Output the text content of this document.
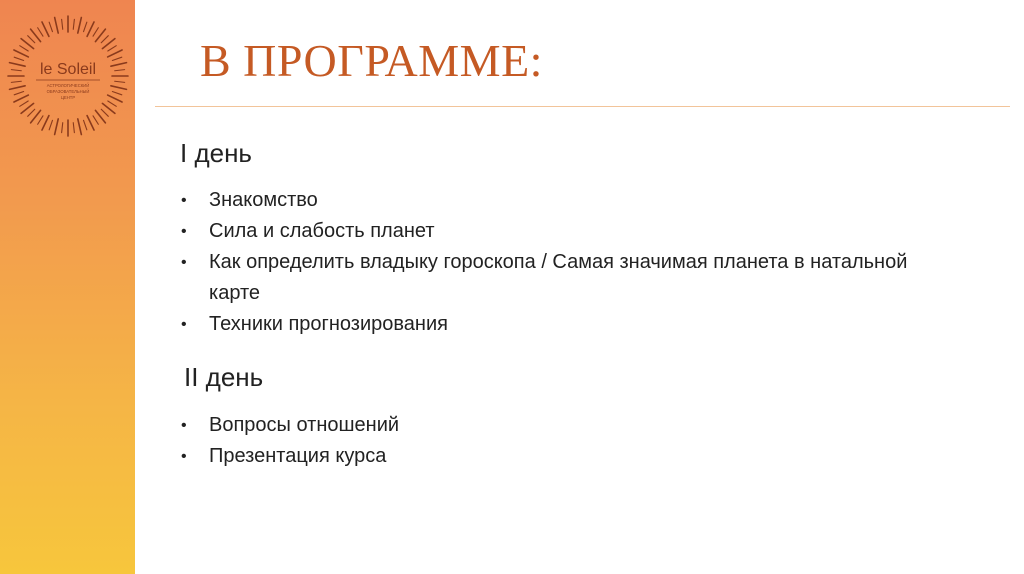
le Soleil
АСТРОЛОГИЧЕСКИЙ
ОБРАЗОВАТЕЛЬНЫЙ
ЦЕНТР
В ПРОГРАММЕ:
I день
• Знакомство
• Сила и слабость планет
• Как определить владыку гороскопа / Самая значимая планета в натальной карте
• Техники прогнозирования
II день
• Вопросы отношений
• Презентация курса
